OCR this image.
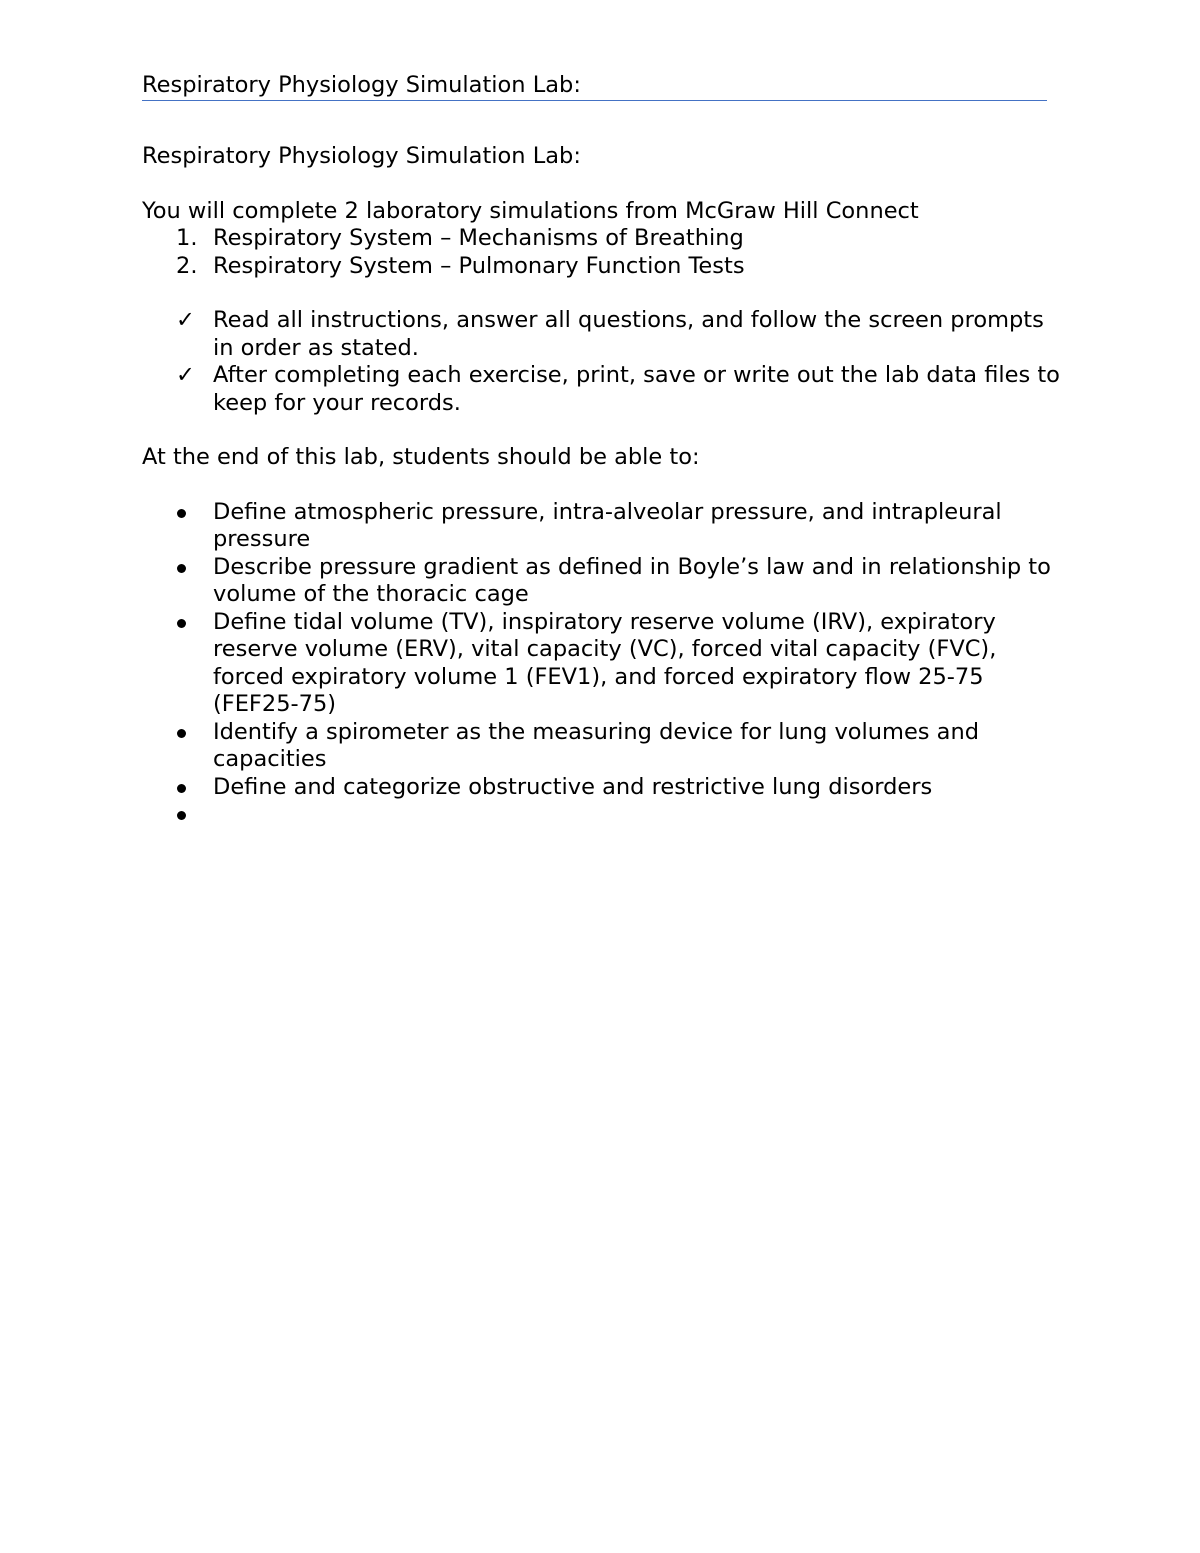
Respiratory Physiology Simulation Lab:
Respiratory Physiology Simulation Lab:
You will complete 2 laboratory simulations from McGraw Hill Connect
1. Respiratory System – Mechanisms of Breathing
2. Respiratory System – Pulmonary Function Tests
✓ Read all instructions, answer all questions, and follow the screen prompts in order as stated.
✓ After completing each exercise, print, save or write out the lab data files to keep for your records.
At the end of this lab, students should be able to:
Define atmospheric pressure, intra-alveolar pressure, and intrapleural pressure
Describe pressure gradient as defined in Boyle’s law and in relationship to volume of the thoracic cage
Define tidal volume (TV), inspiratory reserve volume (IRV), expiratory reserve volume (ERV), vital capacity (VC), forced vital capacity (FVC), forced expiratory volume 1 (FEV1), and forced expiratory flow 25-75 (FEF25-75)
Identify a spirometer as the measuring device for lung volumes and capacities
Define and categorize obstructive and restrictive lung disorders
